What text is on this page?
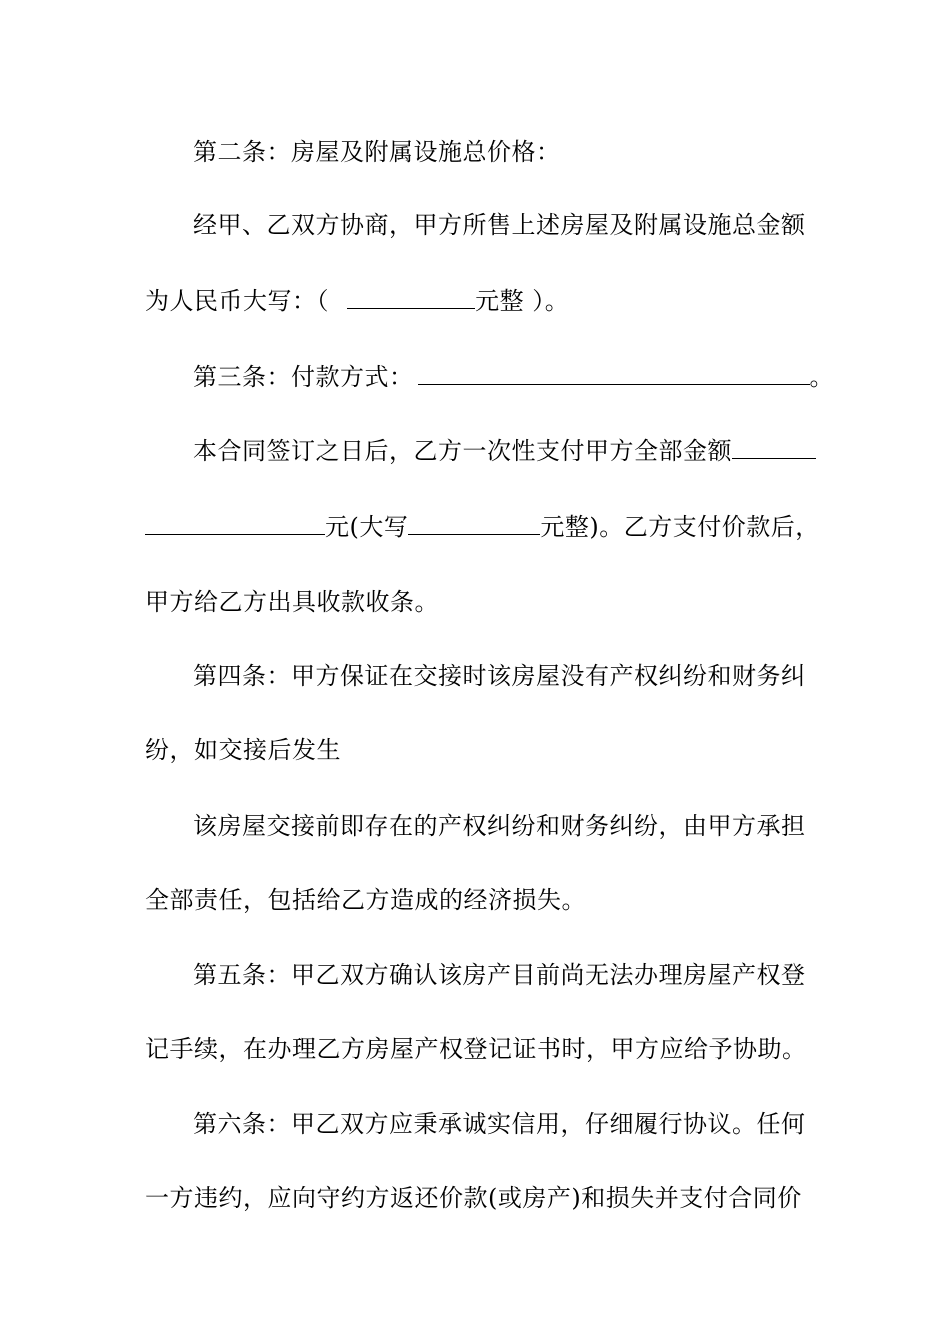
第二条：房屋及附属设施总价格：
经甲、乙双方协商，甲方所售上述房屋及附属设施总金额
为人民币大写：（	元整 ）。
第三条：付款方式：	。
本合同签订之日后，乙方一次性支付甲方全部金额
元(大写	元整)。乙方支付价款后，
甲方给乙方出具收款收条。
第四条：甲方保证在交接时该房屋没有产权纠纷和财务纠
纷，如交接后发生
该房屋交接前即存在的产权纠纷和财务纠纷，由甲方承担
全部责任，包括给乙方造成的经济损失。
第五条：甲乙双方确认该房产目前尚无法办理房屋产权登
记手续，在办理乙方房屋产权登记证书时，甲方应给予协助。
第六条：甲乙双方应秉承诚实信用，仔细履行协议。任何
一方违约，应向守约方返还价款(或房产)和损失并支付合同价
